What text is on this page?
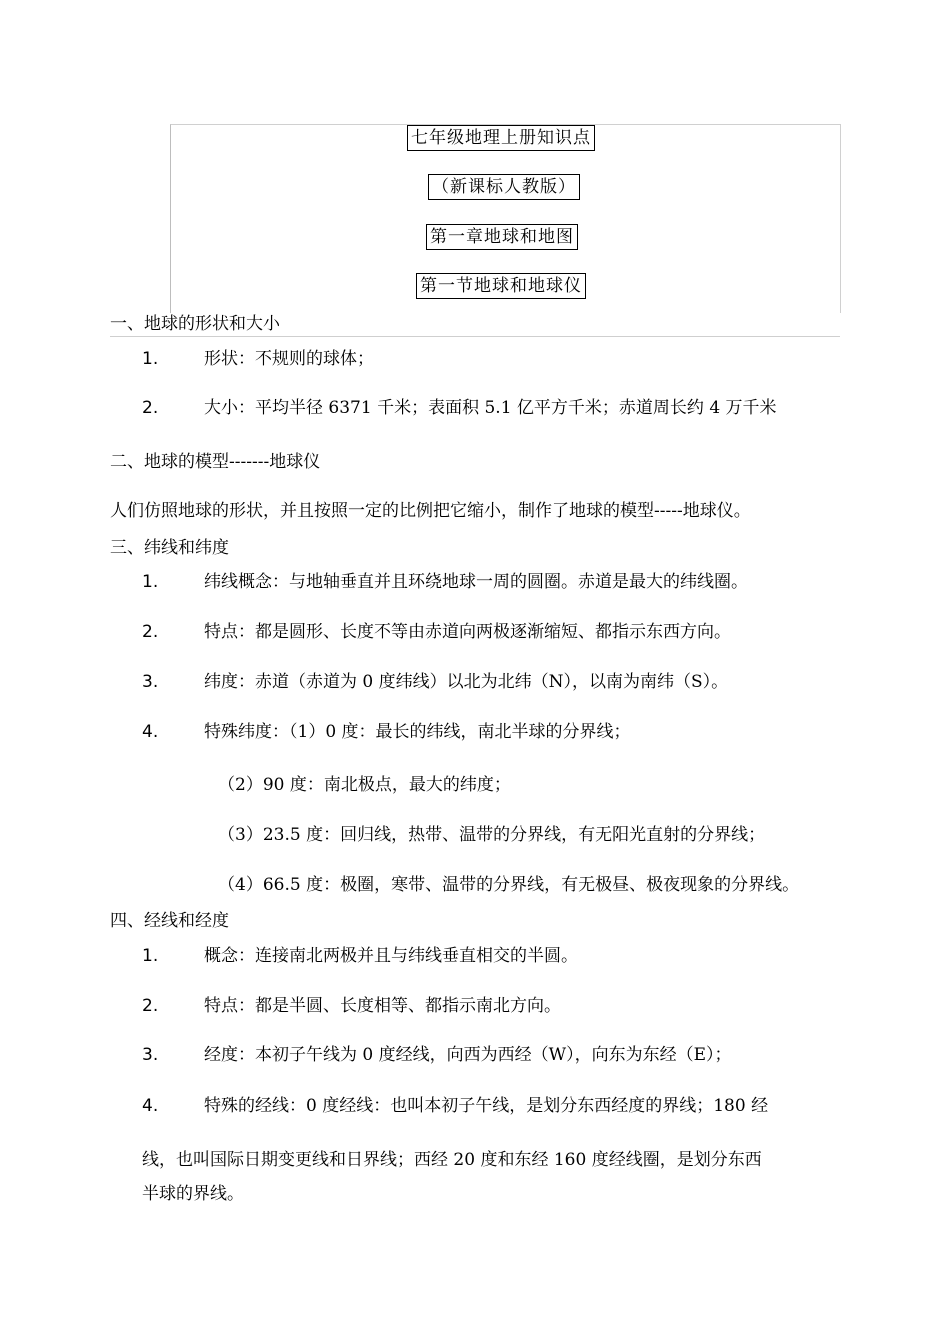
七年级地理上册知识点
（新课标人教版）
第一章地球和地图
第一节地球和地球仪
一、地球的形状和大小
1.	形状：不规则的球体；
2.	大小：平均半径 6371 千米；表面积 5.1 亿平方千米；赤道周长约 4 万千米
二、地球的模型-------地球仪
人们仿照地球的形状，并且按照一定的比例把它缩小，制作了地球的模型-----地球仪。
三、纬线和纬度
1.	纬线概念：与地轴垂直并且环绕地球一周的圆圈。赤道是最大的纬线圈。
2.	特点：都是圆形、长度不等由赤道向两极逐渐缩短、都指示东西方向。
3.	纬度：赤道（赤道为 0 度纬线）以北为北纬（N），以南为南纬（S）。
4.	特殊纬度：（1）0 度：最长的纬线，南北半球的分界线；
（2）90 度：南北极点，最大的纬度；
（3）23.5 度：回归线，热带、温带的分界线，有无阳光直射的分界线；
（4）66.5 度：极圈，寒带、温带的分界线，有无极昼、极夜现象的分界线。
四、经线和经度
1.	概念：连接南北两极并且与纬线垂直相交的半圆。
2.	特点：都是半圆、长度相等、都指示南北方向。
3.	经度：本初子午线为 0 度经线，向西为西经（W），向东为东经（E）；
4.	特殊的经线：0 度经线：也叫本初子午线，是划分东西经度的界线；180 经
线，也叫国际日期变更线和日界线；西经 20 度和东经 160 度经线圈，是划分东西
半球的界线。
